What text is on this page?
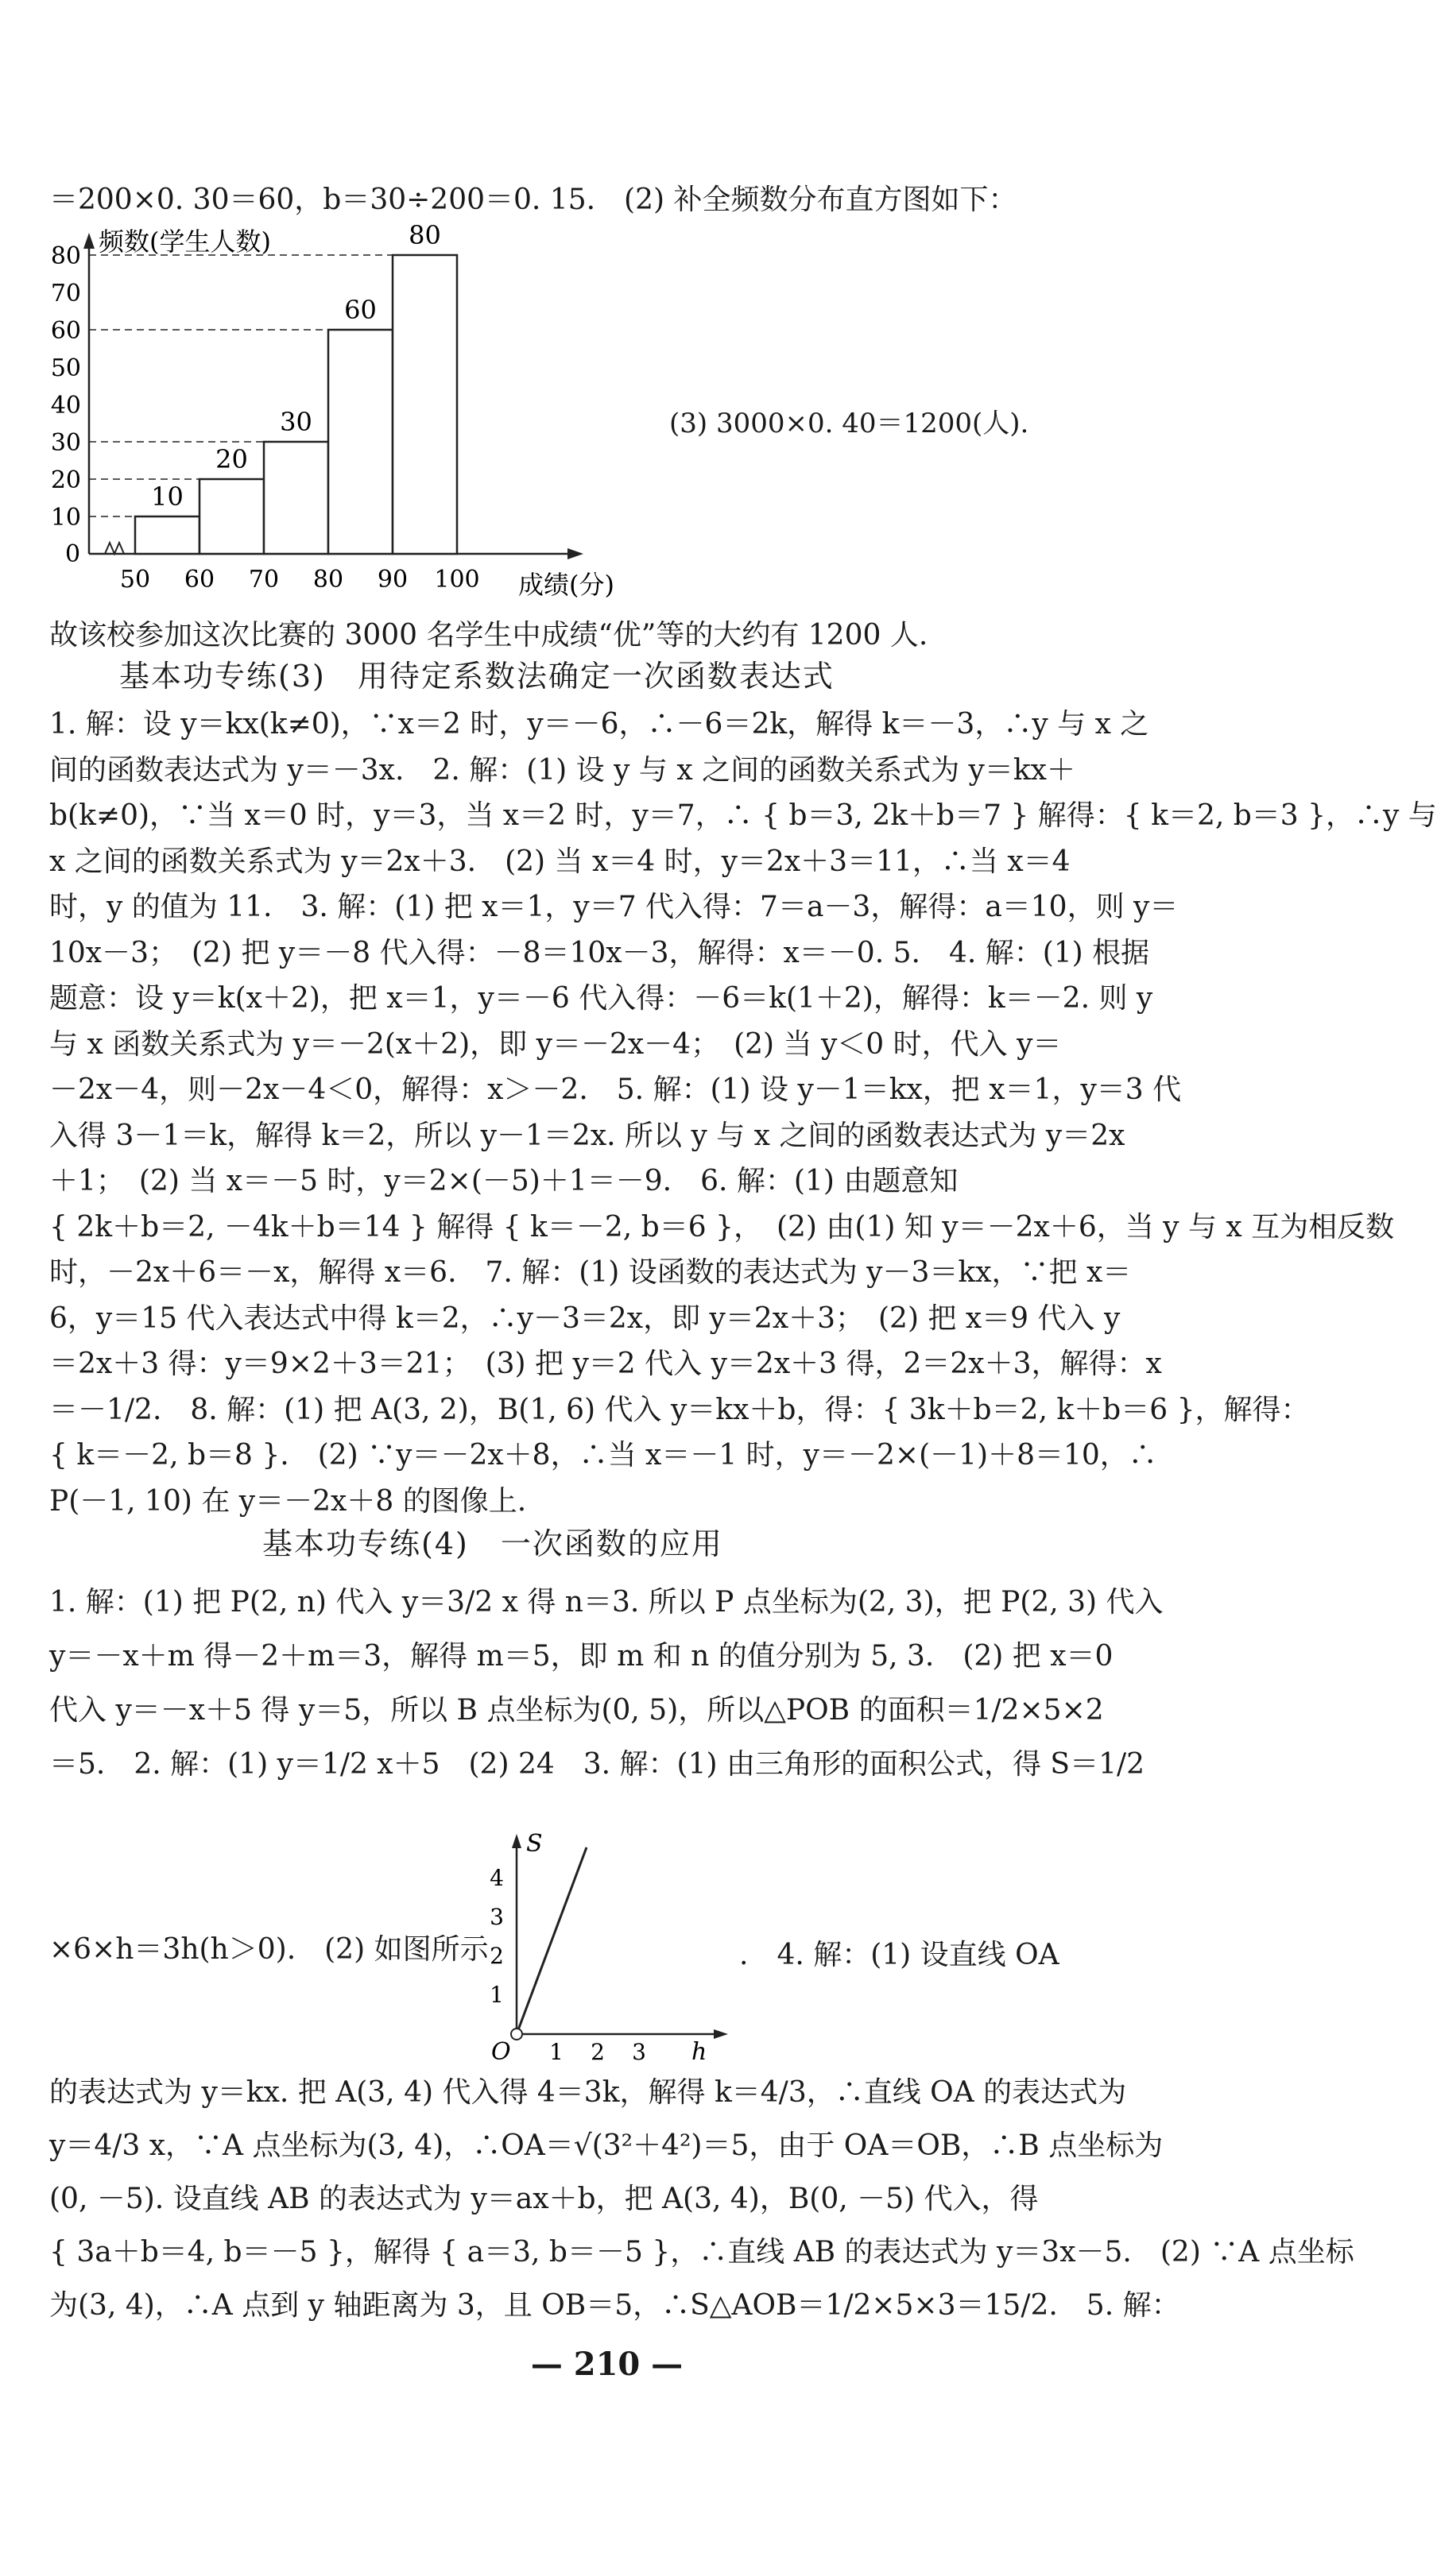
＝200×0. 30＝60，b＝30÷200＝0. 15.　(2) 补全频数分布直方图如下：
频数(学生人数)
成绩(分)
0
10
20
30
60
80
10
20
30
40
50
60
70
80
50 60 70 80 90 100
(3) 3000×0. 40＝1200(人).
故该校参加这次比赛的 3000 名学生中成绩“优”等的大约有 1200 人.
基本功专练(3)　用待定系数法确定一次函数表达式
1. 解：设 y＝kx(k≠0)，∵x＝2 时，y＝－6，∴－6＝2k，解得 k＝－3，∴y 与 x 之
间的函数表达式为 y＝－3x.　2. 解：(1) 设 y 与 x 之间的函数关系式为 y＝kx＋
b(k≠0)，∵当 x＝0 时，y＝3，当 x＝2 时，y＝7，∴ { b＝3, 2k＋b＝7 } 解得：{ k＝2, b＝3 }，∴y 与
x 之间的函数关系式为 y＝2x＋3.　(2) 当 x＝4 时，y＝2x＋3＝11，∴当 x＝4
时，y 的值为 11.　3. 解：(1) 把 x＝1，y＝7 代入得：7＝a－3，解得：a＝10，则 y＝
10x－3；　(2) 把 y＝－8 代入得：－8＝10x－3，解得：x＝－0. 5.　4. 解：(1) 根据
题意：设 y＝k(x＋2)，把 x＝1，y＝－6 代入得：－6＝k(1＋2)，解得：k＝－2. 则 y
与 x 函数关系式为 y＝－2(x＋2)，即 y＝－2x－4；　(2) 当 y＜0 时，代入 y＝
－2x－4，则－2x－4＜0，解得：x＞－2.　5. 解：(1) 设 y－1＝kx，把 x＝1，y＝3 代
入得 3－1＝k，解得 k＝2，所以 y－1＝2x. 所以 y 与 x 之间的函数表达式为 y＝2x
＋1；　(2) 当 x＝－5 时，y＝2×(－5)＋1＝－9.　6. 解：(1) 由题意知
{ 2k＋b＝2, －4k＋b＝14 } 解得 { k＝－2, b＝6 }，　(2) 由(1) 知 y＝－2x＋6，当 y 与 x 互为相反数
时，－2x＋6＝－x，解得 x＝6.　7. 解：(1) 设函数的表达式为 y－3＝kx，∵把 x＝
6，y＝15 代入表达式中得 k＝2，∴y－3＝2x，即 y＝2x＋3；　(2) 把 x＝9 代入 y
＝2x＋3 得：y＝9×2＋3＝21；　(3) 把 y＝2 代入 y＝2x＋3 得，2＝2x＋3，解得：x
＝－1/2.　8. 解：(1) 把 A(3, 2)，B(1, 6) 代入 y＝kx＋b，得：{ 3k＋b＝2, k＋b＝6 }，解得：
{ k＝－2, b＝8 }.　(2) ∵y＝－2x＋8，∴当 x＝－1 时，y＝－2×(－1)＋8＝10，∴
P(－1, 10) 在 y＝－2x＋8 的图像上.
基本功专练(4)　一次函数的应用
1. 解：(1) 把 P(2, n) 代入 y＝3/2 x 得 n＝3. 所以 P 点坐标为(2, 3)，把 P(2, 3) 代入
y＝－x＋m 得－2＋m＝3，解得 m＝5，即 m 和 n 的值分别为 5, 3.　(2) 把 x＝0
代入 y＝－x＋5 得 y＝5，所以 B 点坐标为(0, 5)，所以△POB 的面积＝1/2×5×2
＝5.　2. 解：(1) y＝1/2 x＋5　(2) 24　3. 解：(1) 由三角形的面积公式，得 S＝1/2
×6×h＝3h(h＞0).　(2) 如图所示
S
h
O 1 2 3
1
2
3
4
.　4. 解：(1) 设直线 OA
的表达式为 y＝kx. 把 A(3, 4) 代入得 4＝3k，解得 k＝4/3，∴直线 OA 的表达式为
y＝4/3 x，∵A 点坐标为(3, 4)，∴OA＝√(3²＋4²)＝5，由于 OA＝OB，∴B 点坐标为
(0, －5). 设直线 AB 的表达式为 y＝ax＋b，把 A(3, 4)，B(0, －5) 代入，得
{ 3a＋b＝4, b＝－5 }，解得 { a＝3, b＝－5 }，∴直线 AB 的表达式为 y＝3x－5.　(2) ∵A 点坐标
为(3, 4)，∴A 点到 y 轴距离为 3，且 OB＝5，∴S△AOB＝1/2×5×3＝15/2.　5. 解：
— 210 —
